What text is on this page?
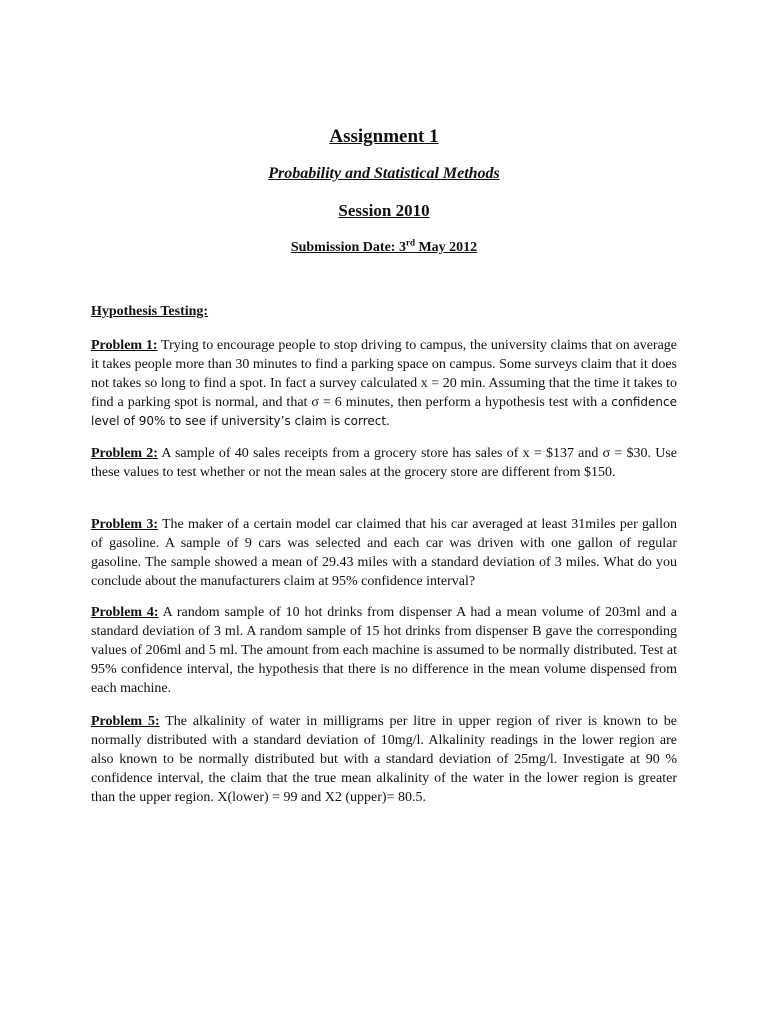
Assignment 1
Probability and Statistical Methods
Session 2010
Submission Date: 3rd May 2012
Hypothesis Testing:
Problem 1: Trying to encourage people to stop driving to campus, the university claims that on average it takes people more than 30 minutes to find a parking space on campus. Some surveys claim that it does not takes so long to find a spot. In fact a survey calculated x = 20 min. Assuming that the time it takes to find a parking spot is normal, and that σ = 6 minutes, then perform a hypothesis test with a confidence level of 90% to see if university’s claim is correct.
Problem 2: A sample of 40 sales receipts from a grocery store has sales of x = $137 and σ = $30. Use these values to test whether or not the mean sales at the grocery store are different from $150.
Problem 3: The maker of a certain model car claimed that his car averaged at least 31miles per gallon of gasoline. A sample of 9 cars was selected and each car was driven with one gallon of regular gasoline. The sample showed a mean of 29.43 miles with a standard deviation of 3 miles. What do you conclude about the manufacturers claim at 95% confidence interval?
Problem 4: A random sample of 10 hot drinks from dispenser A had a mean volume of 203ml and a standard deviation of 3 ml. A random sample of 15 hot drinks from dispenser B gave the corresponding values of 206ml and 5 ml. The amount from each machine is assumed to be normally distributed. Test at 95% confidence interval, the hypothesis that there is no difference in the mean volume dispensed from each machine.
Problem 5: The alkalinity of water in milligrams per litre in upper region of river is known to be normally distributed with a standard deviation of 10mg/l. Alkalinity readings in the lower region are also known to be normally distributed but with a standard deviation of 25mg/l. Investigate at 90 % confidence interval, the claim that the true mean alkalinity of the water in the lower region is greater than the upper region. X(lower) = 99 and X2 (upper)= 80.5.
